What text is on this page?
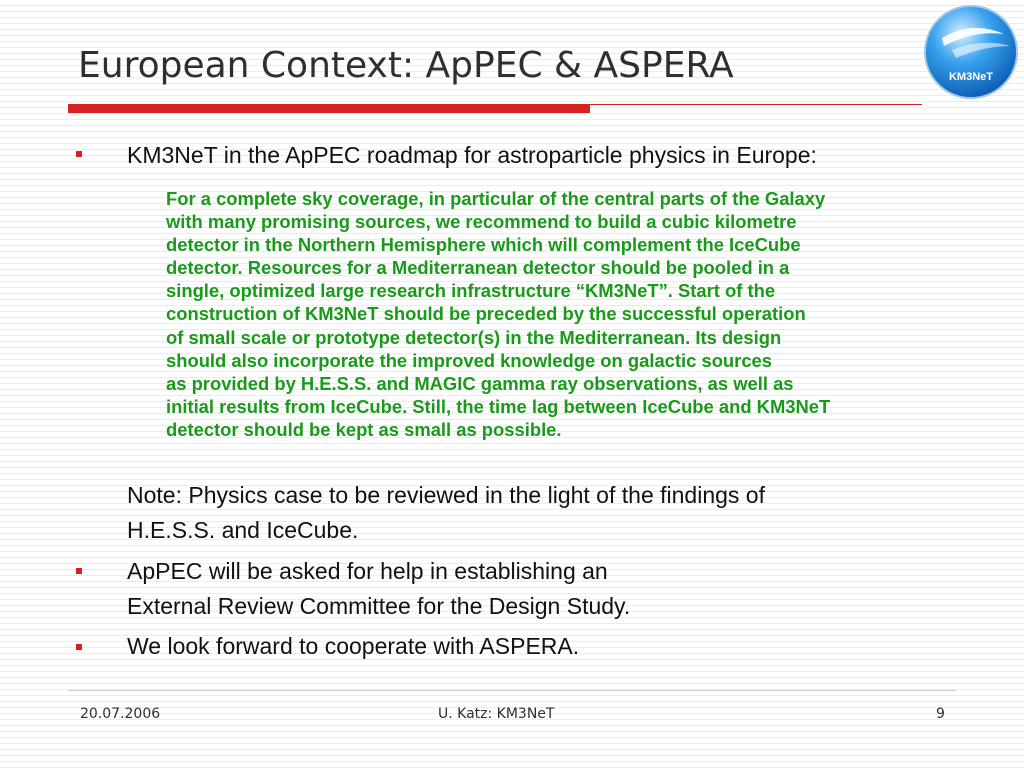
European Context: ApPEC & ASPERA	KM3NeT
KM3NeT in the ApPEC roadmap for astroparticle physics in Europe:
For a complete sky coverage, in particular of the central parts of the Galaxy
with many promising sources, we recommend to build a cubic kilometre
detector in the Northern Hemisphere which will complement the IceCube
detector. Resources for a Mediterranean detector should be pooled in a
single, optimized large research infrastructure “KM3NeT”. Start of the
construction of KM3NeT should be preceded by the successful operation
of small scale or prototype detector(s) in the Mediterranean. Its design
should also incorporate the improved knowledge on galactic sources
as provided by H.E.S.S. and MAGIC gamma ray observations, as well as
initial results from IceCube. Still, the time lag between IceCube and KM3NeT
detector should be kept as small as possible.
Note: Physics case to be reviewed in the light of the findings of
H.E.S.S. and IceCube.
ApPEC will be asked for help in establishing an
External Review Committee for the Design Study.
We look forward to cooperate with ASPERA.
20.07.2006	U. Katz: KM3NeT	9
